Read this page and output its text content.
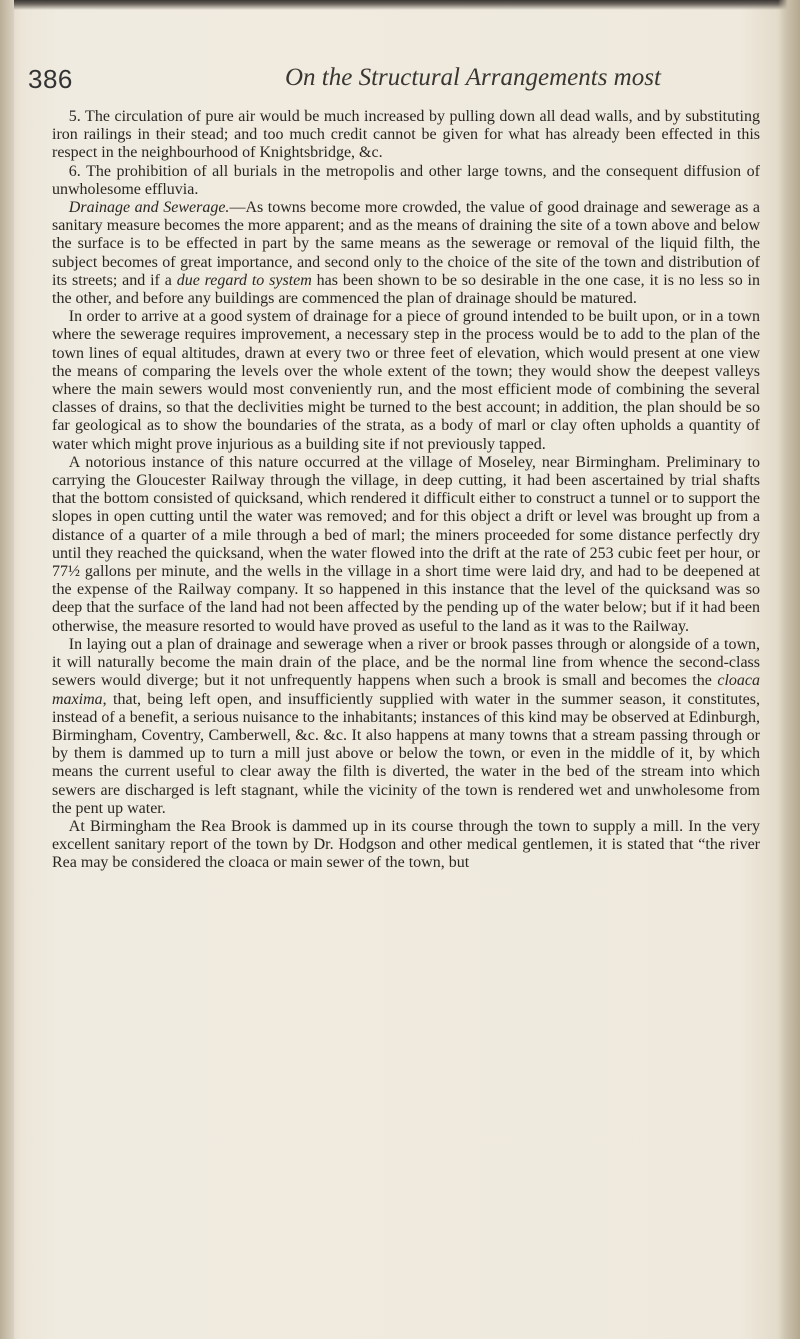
386	On the Structural Arrangements most

5. The circulation of pure air would be much increased by pulling down all dead walls, and by substituting iron railings in their stead; and too much credit cannot be given for what has already been effected in this respect in the neighbourhood of Knightsbridge, &c.

6. The prohibition of all burials in the metropolis and other large towns, and the consequent diffusion of unwholesome effluvia.

Drainage and Sewerage.—As towns become more crowded, the value of good drainage and sewerage as a sanitary measure becomes the more apparent; and as the means of draining the site of a town above and below the surface is to be effected in part by the same means as the sewerage or removal of the liquid filth, the subject becomes of great importance, and second only to the choice of the site of the town and distribution of its streets; and if a due regard to system has been shown to be so desirable in the one case, it is no less so in the other, and before any buildings are commenced the plan of drainage should be matured.

In order to arrive at a good system of drainage for a piece of ground intended to be built upon, or in a town where the sewerage requires improvement, a necessary step in the process would be to add to the plan of the town lines of equal altitudes, drawn at every two or three feet of elevation, which would present at one view the means of comparing the levels over the whole extent of the town; they would show the deepest valleys where the main sewers would most conveniently run, and the most efficient mode of combining the several classes of drains, so that the declivities might be turned to the best account; in addition, the plan should be so far geological as to show the boundaries of the strata, as a body of marl or clay often upholds a quantity of water which might prove injurious as a building site if not previously tapped.

A notorious instance of this nature occurred at the village of Moseley, near Birmingham. Preliminary to carrying the Gloucester Railway through the village, in deep cutting, it had been ascertained by trial shafts that the bottom consisted of quicksand, which rendered it difficult either to construct a tunnel or to support the slopes in open cutting until the water was removed; and for this object a drift or level was brought up from a distance of a quarter of a mile through a bed of marl; the miners proceeded for some distance perfectly dry until they reached the quicksand, when the water flowed into the drift at the rate of 253 cubic feet per hour, or 77½ gallons per minute, and the wells in the village in a short time were laid dry, and had to be deepened at the expense of the Railway company. It so happened in this instance that the level of the quicksand was so deep that the surface of the land had not been affected by the pending up of the water below; but if it had been otherwise, the measure resorted to would have proved as useful to the land as it was to the Railway.

In laying out a plan of drainage and sewerage when a river or brook passes through or alongside of a town, it will naturally become the main drain of the place, and be the normal line from whence the second-class sewers would diverge; but it not unfrequently happens when such a brook is small and becomes the cloaca maxima, that, being left open, and insufficiently supplied with water in the summer season, it constitutes, instead of a benefit, a serious nuisance to the inhabitants; instances of this kind may be observed at Edinburgh, Birmingham, Coventry, Camberwell, &c. &c. It also happens at many towns that a stream passing through or by them is dammed up to turn a mill just above or below the town, or even in the middle of it, by which means the current useful to clear away the filth is diverted, the water in the bed of the stream into which sewers are discharged is left stagnant, while the vicinity of the town is rendered wet and unwholesome from the pent up water.

At Birmingham the Rea Brook is dammed up in its course through the town to supply a mill. In the very excellent sanitary report of the town by Dr. Hodgson and other medical gentlemen, it is stated that “the river Rea may be considered the cloaca or main sewer of the town, but
